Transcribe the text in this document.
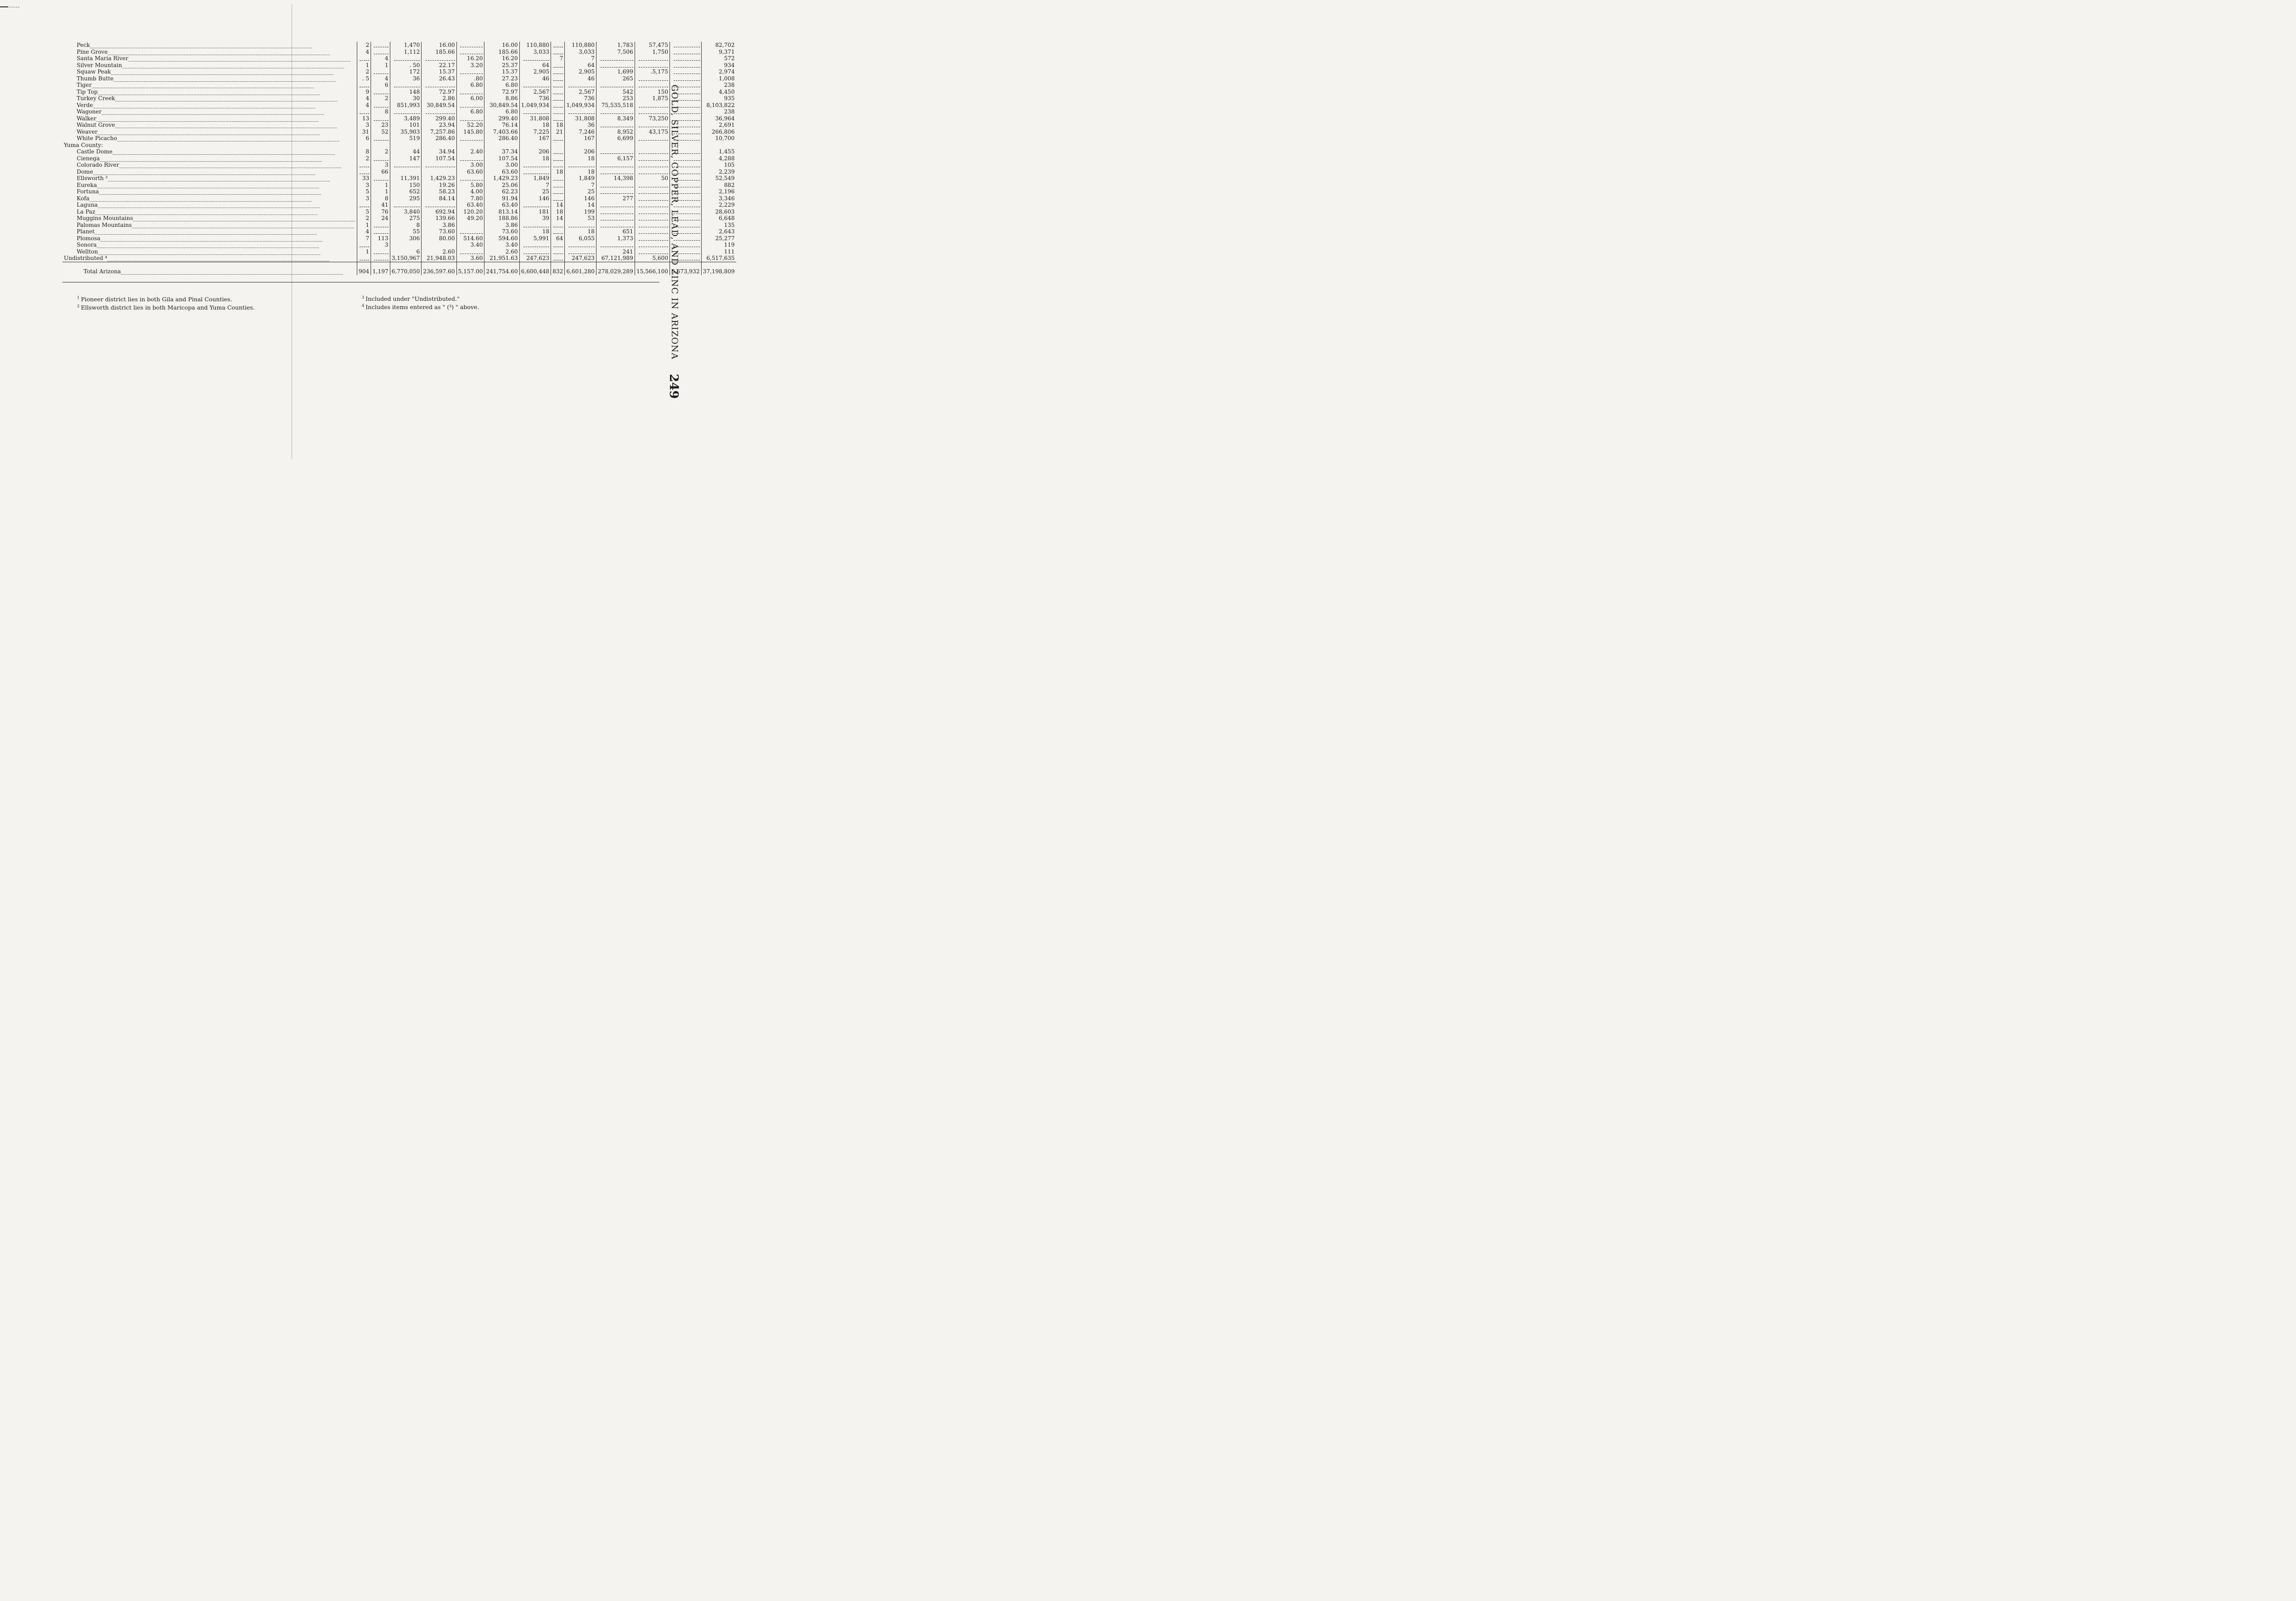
Peck _____	2		1,470	16.00		16.00	110,880		110,880	1,783	57,475		82,702

Pine Grove _____	4		1,112	185.66		185.66	3,033		3,033	7,506	1,750		9,371

Santa Maria River _____		4			16.20	16.20		7	7				572

Silver Mountain _____	1	1	. 50	22.17	3.20	25.37	64		64				934

Squaw Peak _____	2		172	15.37		15.37	2,905		2,905	1,699	.5,175		2,974

Thumb Butte _____	. 5	4	36	26.43	.80	27.23	46		46	265			1,008

Tiger _____		6			6.80	6.80							238

Tip Top _____	9		148	72.97		72.97	2,567		2,567	542	150		4,450

Turkey Creek _____	4	2	30	2.86	6.00	8.86	736		736	253	1,875		935

Verde _____	4		851,993	30,849.54		30,849.54	1,049,934		1,049,934	75,535,518			8,103,822

Wagoner _____		8			6.80	6.80							238

Walker _____	13		3,489	299.40		299.40	31,808		31,808	8,349	73,250		36,964

Walnut Grove _____	3	23	101	23.94	52.20	76.14	18	18	36				2,691

Weaver _____	31	52	35,903	7,257.86	145.80	7,403.66	7,225	21	7,246	8,952	43,175		266,806

White Picacho _____	6		519	286.40		286.40	167		167	6,699			10,700

Yuma County:													

Castle Dome _____	8	2	44	34.94	2.40	37.34	206		206				1,455

Cienega _____	2		147	107.54		107.54	18		18	6,157			4,288

Colorado River _____		3			3.00	3.00							105

Dome _____		66			63.60	63.60		18	18				2,239

Ellsworth ² _____	33		11,391	1,429.23		1,429.23	1,849		1,849	14,398	50		52,549

Eureka _____	3	1	150	19.26	5.80	25.06	7		7				882

Fortuna _____	5	1	652	58.23	4.00	62.23	25		25				2,196

Kofa _____	3	8	295	84.14	7.80	91.94	146		146	277			3,346

Laguna _____		41			63.40	63.40		14	14				2,229

La Paz _____	5	76	3,840	692.94	120.20	813.14	181	18	199				28,603

Muggins Mountains _____	2	24	275	139.66	49.20	188.86	39	14	53				6,648

Palomas Mountains _____	1		8	3.86		3.86							135

Planet _____	4		55	73.60		73.60	18		18	651			2,643

Plomosa _____	7	113	306	80.00	514.60	594.60	5,991	64	6,055	1,373			25,277

Sonora _____		3			3.40	3.40							119

Wellton _____	1		6	2.60		2.60				241			111

Undistributed ⁴ _____			3,150,967	21,948.03	3.60	21,951.63	247,623		247,623	67,121,989	5,600		6,517,635

Total Arizona _____	904	1,197	6,770,050	236,597.60	5,157.00	241,754.60	6,600,448	832	6,601,280	278,029,289	15,566,100	6,673,932	37,198,809
$^1$ Pioneer district lies in both Gila and Pinal Counties.
$^2$ Ellsworth district lies in both Maricopa and Yuma Counties.
$^3$ Included under "Undistributed."
$^4$ Includes items entered as " (³) " above.	GOLD, SILVER, COPPER, LEAD, AND ZINC IN ARIZONA
249
